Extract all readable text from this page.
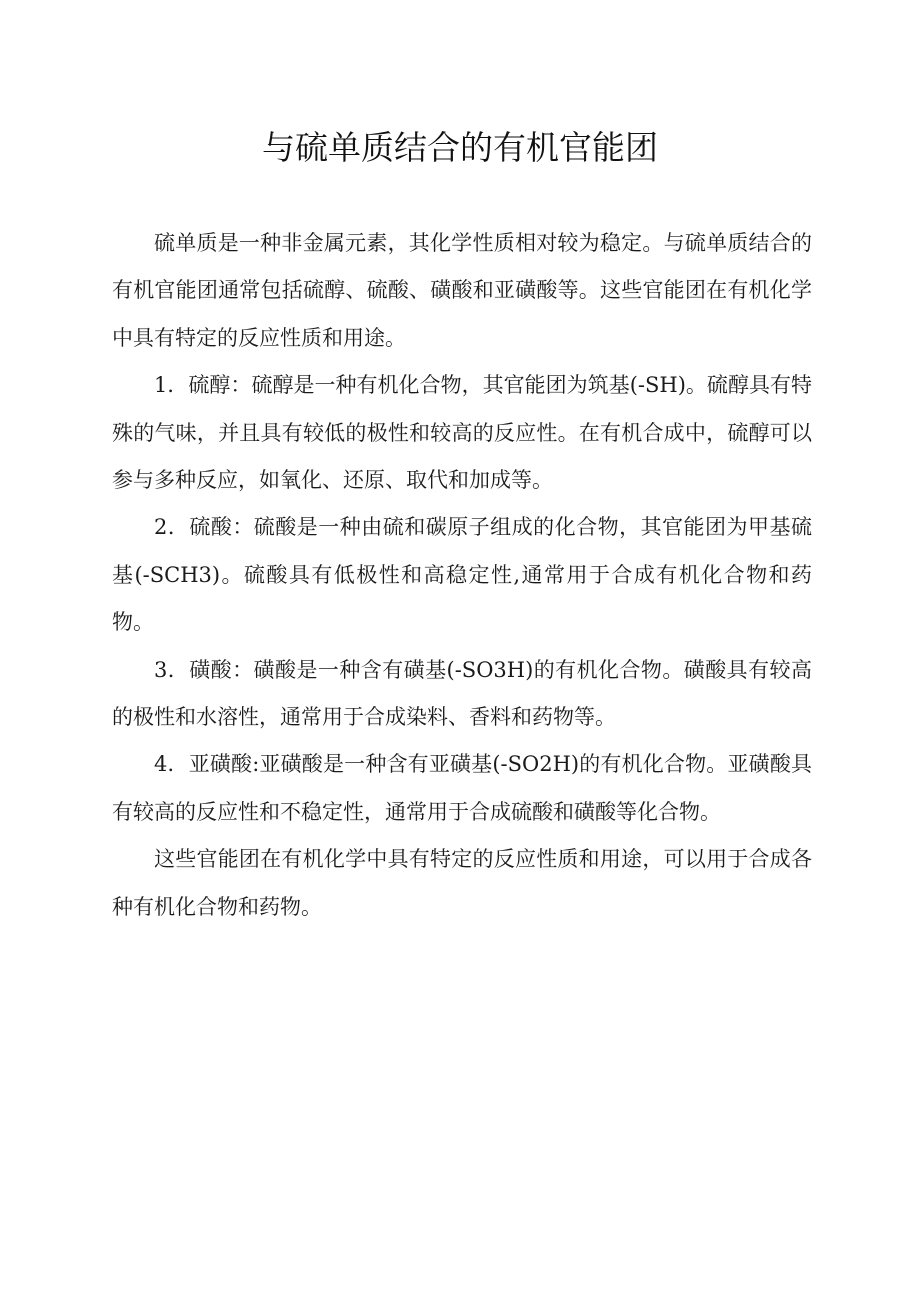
与硫单质结合的有机官能团

硫单质是一种非金属元素，其化学性质相对较为稳定。与硫单质结合的有机官能团通常包括硫醇、硫酸、磺酸和亚磺酸等。这些官能团在有机化学中具有特定的反应性质和用途。

1．硫醇：硫醇是一种有机化合物，其官能团为筑基(-SH)。硫醇具有特殊的气味，并且具有较低的极性和较高的反应性。在有机合成中，硫醇可以参与多种反应，如氧化、还原、取代和加成等。

2．硫酸：硫酸是一种由硫和碳原子组成的化合物，其官能团为甲基硫基(-SCH3)。硫酸具有低极性和高稳定性,通常用于合成有机化合物和药物。

3．磺酸：磺酸是一种含有磺基(-SO3H)的有机化合物。磺酸具有较高的极性和水溶性，通常用于合成染料、香料和药物等。

4．亚磺酸:亚磺酸是一种含有亚磺基(-SO2H)的有机化合物。亚磺酸具有较高的反应性和不稳定性，通常用于合成硫酸和磺酸等化合物。

这些官能团在有机化学中具有特定的反应性质和用途，可以用于合成各种有机化合物和药物。
